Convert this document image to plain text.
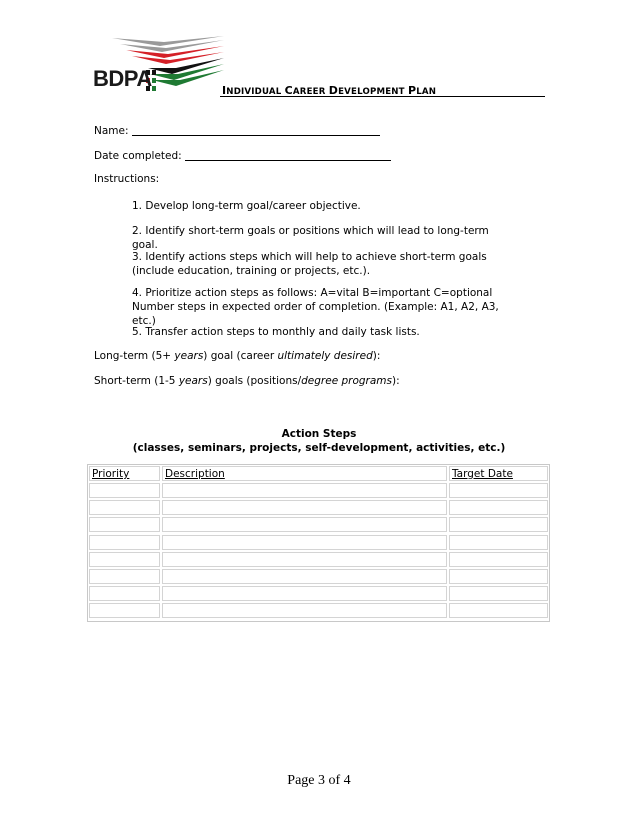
BDPA	INDIVIDUAL CAREER DEVELOPMENT PLAN
Name:
Date completed:
Instructions:
1. Develop long-term goal/career objective.
2. Identify short-term goals or positions which will lead to long-term goal.
3. Identify actions steps which will help to achieve short-term goals (include education, training or projects, etc.).
4. Prioritize action steps as follows: A=vital B=important C=optional
Number steps in expected order of completion. (Example: A1, A2, A3, etc.)
5. Transfer action steps to monthly and daily task lists.
Long-term (5+ years) goal (career ultimately desired):
Short-term (1-5 years) goals (positions/degree programs):
Action Steps
(classes, seminars, projects, self-development, activities, etc.)
Priority	Description	Target Date
Page 3 of 4
